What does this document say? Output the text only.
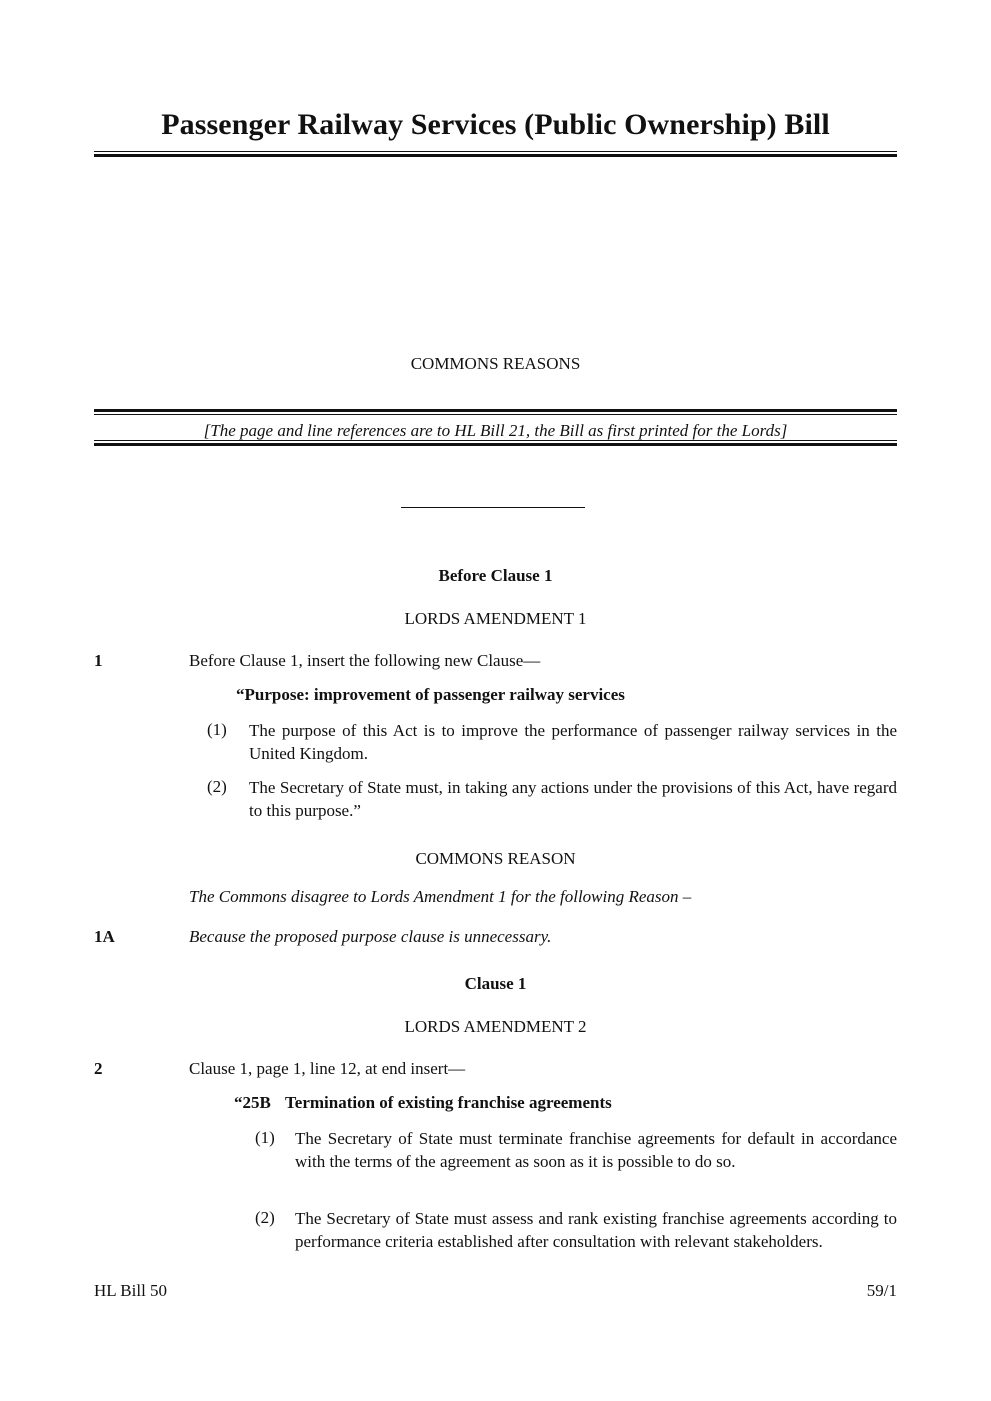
Passenger Railway Services (Public Ownership) Bill
COMMONS REASONS
[The page and line references are to HL Bill 21, the Bill as first printed for the Lords]
Before Clause 1
LORDS AMENDMENT 1
1	Before Clause 1, insert the following new Clause—
“Purpose: improvement of passenger railway services
(1) The purpose of this Act is to improve the performance of passenger railway services in the United Kingdom.
(2) The Secretary of State must, in taking any actions under the provisions of this Act, have regard to this purpose.”
COMMONS REASON
The Commons disagree to Lords Amendment 1 for the following Reason –
1A	Because the proposed purpose clause is unnecessary.
Clause 1
LORDS AMENDMENT 2
2	Clause 1, page 1, line 12, at end insert—
“25B Termination of existing franchise agreements
(1) The Secretary of State must terminate franchise agreements for default in accordance with the terms of the agreement as soon as it is possible to do so.
(2) The Secretary of State must assess and rank existing franchise agreements according to performance criteria established after consultation with relevant stakeholders.
HL Bill 50	59/1
